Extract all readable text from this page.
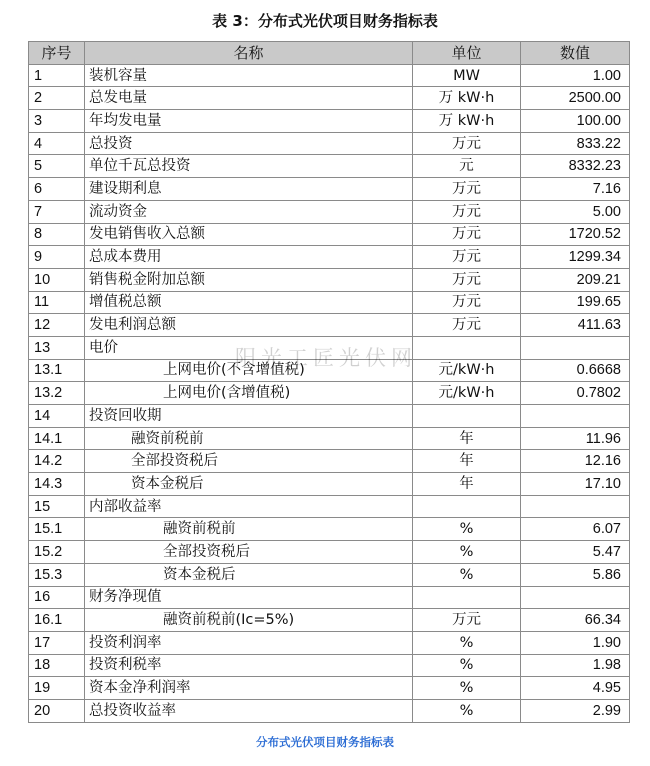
表 3：分布式光伏项目财务指标表
序号	名称	单位	数值
1	装机容量	MW	1.00
2	总发电量	万 kW·h	2500.00
3	年均发电量	万 kW·h	100.00
4	总投资	万元	833.22
5	单位千瓦总投资	元	8332.23
6	建设期利息	万元	7.16
7	流动资金	万元	5.00
8	发电销售收入总额	万元	1720.52
9	总成本费用	万元	1299.34
10	销售税金附加总额	万元	209.21
11	增值税总额	万元	199.65
12	发电利润总额	万元	411.63
13	电价		
13.1	上网电价(不含增值税)	元/kW·h	0.6668
13.2	上网电价(含增值税)	元/kW·h	0.7802
14	投资回收期		
14.1	融资前税前	年	11.96
14.2	全部投资税后	年	12.16
14.3	资本金税后	年	17.10
15	内部收益率		
15.1	融资前税前	%	6.07
15.2	全部投资税后	%	5.47
15.3	资本金税后	%	5.86
16	财务净现值		
16.1	融资前税前(Ic=5%)	万元	66.34
17	投资利润率	%	1.90
18	投资利税率	%	1.98
19	资本金净利润率	%	4.95
20	总投资收益率	%	2.99
阳光工匠光伏网
分布式光伏项目财务指标表
